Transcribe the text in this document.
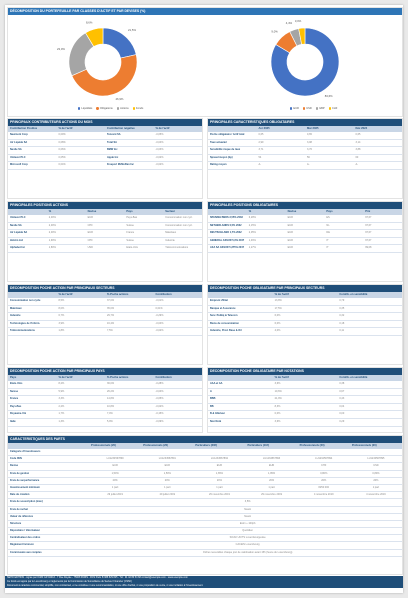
DÉCOMPOSITION DU PORTEFEUILLE PAR CLASSES D'ACTIF ET PAR DEVISES (%)
21,5%
46,9%
23,0%
8,6%
83,6%
9,0%
4,4% 3,0%
Liquidités	Obligations	Actions	Fonds	EUR	USD	GBP	CHF
PRINCIPAUX CONTRIBUTEURS ACTIONS DU MOIS
Contribution Positive	% de l'actif	Contribution négative	% de l'actif
Newmont Corp	0,09%	Tencent SA	-0,05%
Air Liquide SA	0,08%	Total SA	-0,04%
Nestle SA	0,06%	BMW Inc	-0,03%
Unilever PLC	0,05%	Apple Inc	-0,02%
Microsoft Corp	0,04%	Freeport McMoRan Inc	-0,02%
PRINCIPALES CARACTERISTIQUES OBLIGATAIRES
Avr 2025	Mar 2025	Déc 2024
Poche obligataire / Actif total	0,65	0,65	0,65
Taux actuariel	2,99	3,08	3,14
Sensibilité risque de taux	3,71	3,76	3,88
Spread moyen (bp)	54	56	60
Rating moyen	A-	A-	A-
PRINCIPALES POSITIONS ACTIONS
%	Devise	Pays	Secteur
Unilever PLC	2,00%	EUR	Pays-Bas	Consommation non cycl.
Nestle SA	2,00%	CHF	Suisse	Consommation non cycl.
Air Liquide SA	2,00%	EUR	France	Matériaux
Holcim Ltd	1,90%	CHF	Suisse	Industrie
Alphabet Inc	1,80%	USD	Etats-Unis	Télécommunications
PRINCIPALES POSITIONS OBLIGATAIRES
%	Devise	Pays	Prix
SPANISH BNDS 3,55% 2033	6,28%	EUR	ES	97,67
NETHERLANDS 0,5% 2032	2,15%	EUR	NL	97,67
DEUTSCHLAND 1,7% 2032	2,05%	EUR	DE	97,67
GENERAL ASSUR 5,3% 2047	1,46%	EUR	IT	97,67
AXA SA ASSUR 5,375% 2047	1,27%	EUR	IT	99,08
DECOMPOSITION POCHE ACTION PAR PRINCIPAUX SECTEURS
% de l'actif	% Poche actions	Contribution
Consommation non cycle	8,5%	37,0%	-0,01%
Matériaux	8,0%	35,0%	0,01%
Industrie	6,7%	29,7%	-0,29%
Technologies de l'inform.	3,9%	16,4%	-0,04%
Télécommunications	1,8%	7,5%	-0,02%
DECOMPOSITION POCHE OBLIGATAIRE PAR PRINCIPAUX SECTEURS
% de l'actif	Contrib. en sensibilité
Emprunt d'Etat	13,8%	0,79
Banque et Assurance	17,5%	0,35
Serv. Publiq & Telecom	6,0%	0,32
Biens de consommation	6,0%	0,18
Industrie, Prod. Base & Oil	4,0%	0,11
DECOMPOSITION POCHE ACTION PAR PRINCIPAUX PAYS
Pays	% de l'actif	% Poche actions	Contribution
Etats-Unis	8,2%	36,0%	-0,28%
Suisse	5,9%	26,2%	-0,04%
France	3,3%	14,8%	-0,05%
Pays-Bas	2,2%	10,8%	-0,02%
Royaume-Uni	1,7%	7,0%	-0,15%
Italie	1,3%	5,9%	-0,09%
DECOMPOSITION POCHE OBLIGATAIRE PAR NOTATIONS
% de l'actif	Contrib. en sensibilité
AAA et AA	3,6%	0,38
A	10,6%	0,67
BBB	21,9%	0,43
BB	8,3%	0,04
B & Inférieur	0,0%	0,00
Non Noté	3,6%	0,29
CARACTERISTIQUES DES PARTS
Professionnels (20)	Professionnels (20)	Particuliers (20F)	Particuliers (11F)	Professionnels (20)	Professionnels (20)
Catégorie d'investisseurs
Code ISIN	LU1234567890	LU1234567891	LU1234567892	LU1234567893	LU1234567894	LU1234567895
Devise	EUR	EUR	EUR	EUR	CHF	USD
Frais de gestion	1,50%	1,50%	1,65%	1,95%	0,80%	0,80%
Frais de surperformance	20%	20%	20%	20%	20%	20%
Investissement minimum	1 part	1 part	1 part	1 part	€250 000	1 part
Date de création	29 juillet 2019	29 juillet 2019	29 novembre 2019	29 novembre 2019	4 novembre 2019	4 novembre 2019
Frais de souscription (max)	3,5%
Frais de rachat	Néant
Valeur de référence	Néant
Structure	Estrx + 100pb
Dépositaire / Valorisateur	Quotidien
Centralisateur des ordres	SICAV UCITS Luxembourgeoise
Règlement livraison	CACEIS Luxembourg
Commissaire aux comptes	Ordres recevables chaque jour de valorisation avant 15h (heure du Luxembourg)
SÉHO ÉDITION - Agréé par l'AMF GP-92013 - 7 Rue Royale - 75008 PARIS - RCS Paris B 388 829 825 - Tél : 01 42 86 54 68 contact@exemple.com - www.exemple.com
Ce fonds est agréé par le Luxembourg et réglementé par la Commission de Surveillance du Secteur Financier (CSSF)
Document à caractère commercial, simplifié, non contractuel, et ne constitue ni une recommandation, ni une offre d'achat, ni une proposition de vente, ni une incitation à l'investissement.
